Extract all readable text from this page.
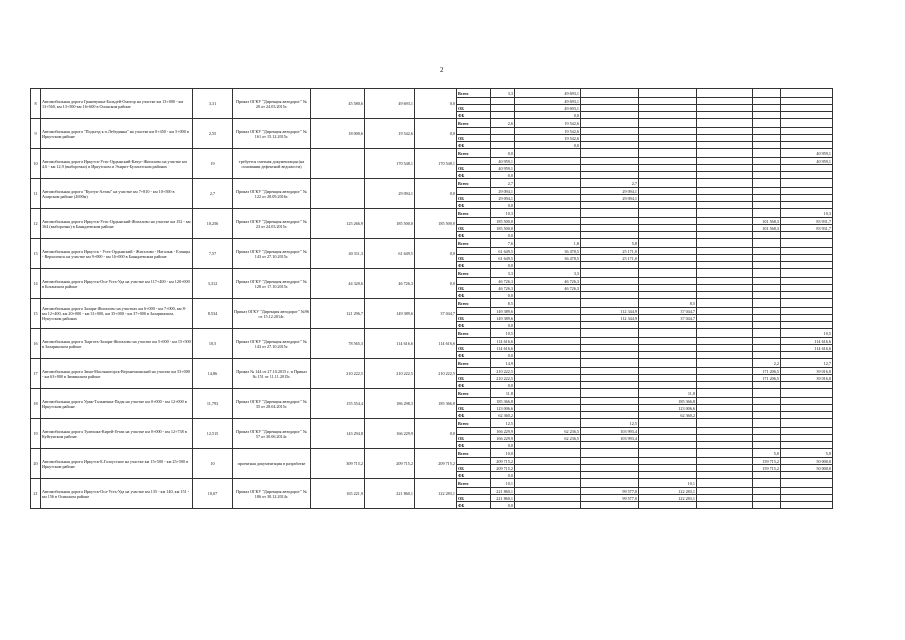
2
8	Автомобильная дорога Граневушка-Бальдей-Онотор на участке км 13+000 - км 13+560, км 13+500-км 16+600 в Осинском районе	3,31	Приказ ОГКУ "Дирекция автодорог" № 20 от 24.03.2015г.	45 580,6	49 693,1	0,0	Всего	3,3	49 693,1					
									49 693,1					
							ОБ		49 693,1					
							ФБ		0,0					
9	Автомобильная дорога "Подъезд к п.Лебединка" на участке км 0+450 - км 5+000 в Иркутском районе	2,55	Приказ ОГКУ "Дирекция автодорог" № 161 от 15.12.2015г.	18 000,6	19 542,6	0,0	Всего	2,6	19 542,6					
									19 542,6					
							ОБ		19 542,6					
							ФБ		0,0					
10	Автомобильная дорога Иркутск-Усть-Ордынский-Качуг-Жигалово на участке км 4,6 - км 12,9 (выборочно) в Иркутском и Эхирит-Булагатском районах	19	требуется сметная документация (на основании дефектной ведомости)		170 548,1	170 548,1	Всего	0,0						40 959,1
								40 959,1						40 959,1
							ОБ	40 959,1						
							ФБ	0,0						
11	Автомобильная дорога "Култук-Алтан" на участке км 7+810 - км 10+500 в Аларском районе (2690м)	2,7	Приказ ОГКУ "Дирекция автодорог" № 122 от 28.09.2016г.		29 094,1	0,0	Всего	2,7		2,7				
								29 094,1		29 094,1				
							ОБ	29 094,1		29 094,1				
							ФБ	0,0						
12	Автомобильная дорога Иркутск-Усть-Ордынский-Жигалово на участке км 152 - км 164 (выборочно) в Баяндаевском районе	10,256	Приказ ОГКУ "Дирекция автодорог" № 23 от 24.03.2015г.	125 266,9	185 500,0	185 500,0	Всего	10,3						10,3
								185 500,0					101 568,3	83 931,7
							ОБ	185 500,0					101 568,3	83 931,7
							ФБ	0,0						
13	Автомобильная дорога Иркутск - Усть-Ордынский - Жигалово - Нагалык - Еланцы - Верхоленск на участке км 9+000 - км 16+000 в Баяндаевском районе	7,57	Приказ ОГКУ "Дирекция автодорог" № 143 от 27.10.2015г.	40 311,3	61 649,5	0,0	Всего	7,6	1,8	5,8				
								61 649,5	36 478,5	25 171,0				
							ОБ	61 649,5	36 478,5	25 171,0				
							ФБ	0,0						
14	Автомобильная дорога Иркутск-Оса-Усть-Уда на участке км 117+400 - км 120+000 в Боханском районе	3,312	Приказ ОГКУ "Дирекция автодорог" № 128 от 17.10.2015г.	44 320,6	46 726,3	0,0	Всего	3,3	3,3					
								46 726,3	46 726,3					
							ОБ	46 726,3	46 726,3					
							ФБ	0,0						
15	Автомобильная дорога Залари-Жигалово на участках км 6+000 - км 7+000, км 8- км 12+400, км 20+000 - км 31+000, км 35+000 - км 37+000 в Заларинском, Нукутском районах	8,534	Приказ ОГКУ "Дирекция автодорог" №96 от 15.12.2014г.	121 296,7	149 389,6	37 044,7	Всего	8,5			8,5			
								149 389,6		112 344,9	37 044,7			
							ОБ	149 389,6		112 344,9	37 044,7			
							ФБ	0,0						
16	Автомобильная дорога Тырготь-Залари-Жигалово на участке км 5+000 - км 15+500 в Заларинском районе	10,5	Приказ ОГКУ "Дирекция автодорог" № 143 от 27.10.2015г.	78 565,3	114 616,6	114 616,6	Всего	10,5						10,5
								114 616,6						114 616,6
							ОБ	114 616,6						114 616,6
							ФБ	0,0						
17	Автомобильная дорога Зима-Масляногорск-Верхнеоконский на участке км 53+000 - км 63+000 в Зиминском районе	14,86	Приказ № 144 от 27.10.2015 г. и Приказ № 151 от 11.11.2015г.	210 222,5	210 222,5	210 222,5	Всего	14,9					2,2	12,7
								210 222,5					171 206,5	39 016,0
							ОБ	210 222,5					171 206,5	39 016,0
							ФБ	0,0						
18	Автомобильная дорога Урик-Тальменка-Пады на участке км 0+000 - км 12+000 в Иркутском районе	11,793	Приказ ОГКУ "Дирекция автодорог" № 35 от 28.04.2015г.	155 554,4	186 298,3	185 366,8	Всего	11,8			11,8			
								185 366,8			185 366,8			
							ОБ	123 006,6			123 006,6			
							ФБ	62 360,2			62 360,2			
19	Автомобильная дорога Тулюшка-Кирей-Гетаи на участке км 0+000 - км 12+738 в Куйтунском районе	12,515	Приказ ОГКУ "Дирекция автодорог" № 57 от 30.06.2014г.	143 294,8	166 229,9	0,0	Всего	12,5		12,5				
								166 229,9	62 236,5	103 993,4				
							ОБ	166 229,9	62 236,5	103 993,4				
							ФБ	0,0						
20	Автомобильная дорога Иркутск-Б.Голоустное на участке км 15+500 - км 25+500 в Иркутском районе	10	проектная документация в разработке	309 715,2	209 715,2	209 715,2	Всего	10,0					5,0	5,0
								209 715,2					159 715,2	50 000,0
							ОБ	209 715,2					159 715,2	50 000,0
							ФБ	0,0						
21	Автомобильная дорога Иркутск-Оса-Усть-Уда на участке км 135 - км 140, км 151 - км 156 в Осинском районе	10,07	Приказ ОГКУ "Дирекция автодорог" № 186 от 30.12.2014г.	165 221,9	221 860,1	122 283,1	Всего	10,1			10,1			
								221 860,1		99 577,0	122 283,1			
							ОБ	221 860,1		99 577,0	122 283,1			
							ФБ	0,0						
